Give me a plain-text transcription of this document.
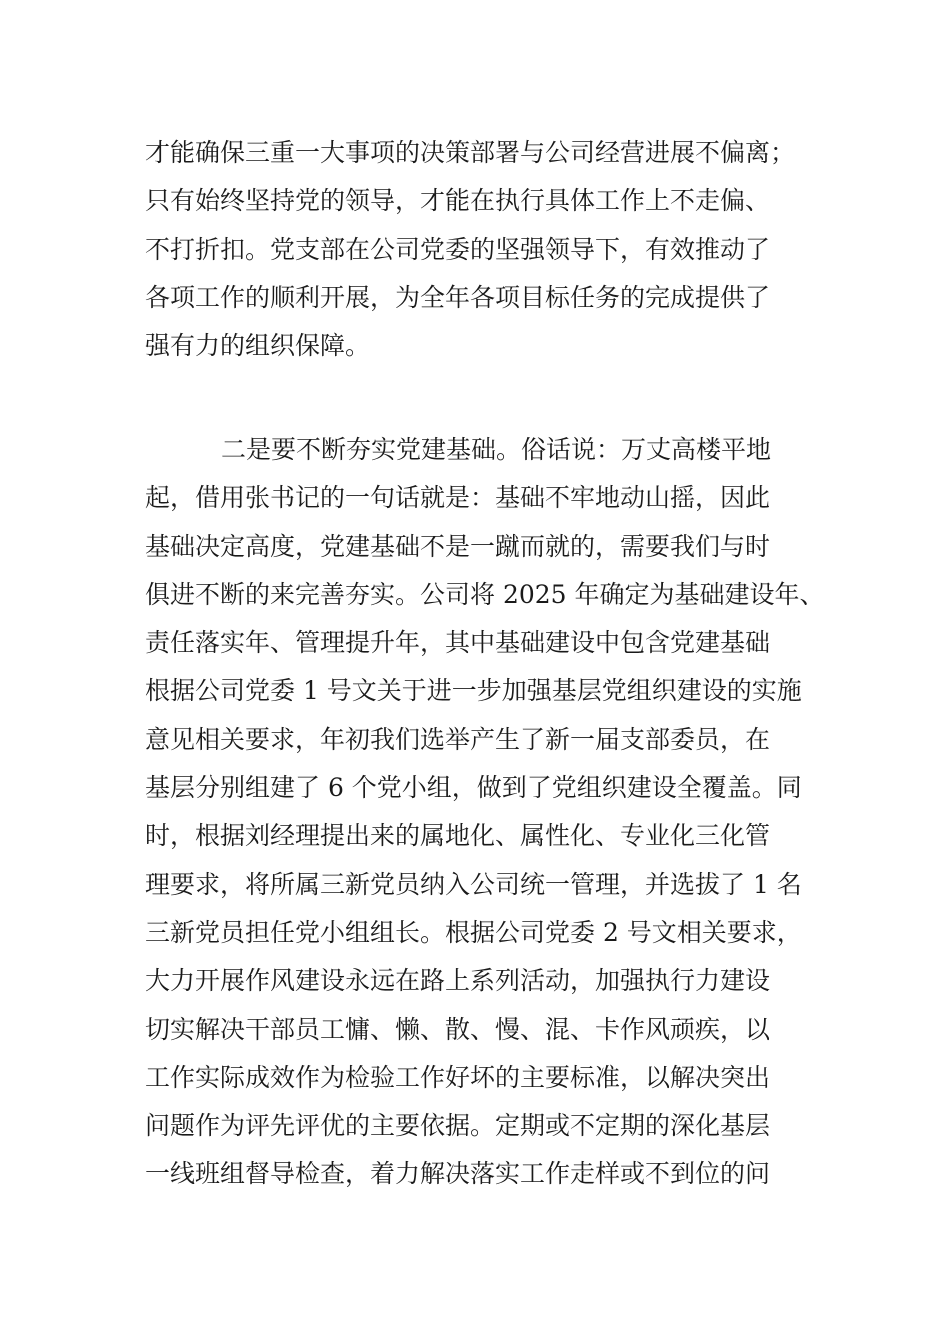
才能确保三重一大事项的决策部署与公司经营进展不偏离；
只有始终坚持党的领导，才能在执行具体工作上不走偏、
不打折扣。党支部在公司党委的坚强领导下，有效推动了
各项工作的顺利开展，为全年各项目标任务的完成提供了
强有力的组织保障。
二是要不断夯实党建基础。俗话说：万丈高楼平地
起，借用张书记的一句话就是：基础不牢地动山摇，因此
基础决定高度，党建基础不是一蹴而就的，需要我们与时
俱进不断的来完善夯实。公司将 2025 年确定为基础建设年、
责任落实年、管理提升年，其中基础建设中包含党建基础
根据公司党委 1 号文关于进一步加强基层党组织建设的实施
意见相关要求，年初我们选举产生了新一届支部委员，在
基层分别组建了 6 个党小组，做到了党组织建设全覆盖。同
时，根据刘经理提出来的属地化、属性化、专业化三化管
理要求，将所属三新党员纳入公司统一管理，并选拔了 1 名
三新党员担任党小组组长。根据公司党委 2 号文相关要求，
大力开展作风建设永远在路上系列活动，加强执行力建设
切实解决干部员工慵、懒、散、慢、混、卡作风顽疾，以
工作实际成效作为检验工作好坏的主要标准，以解决突出
问题作为评先评优的主要依据。定期或不定期的深化基层
一线班组督导检查，着力解决落实工作走样或不到位的问
